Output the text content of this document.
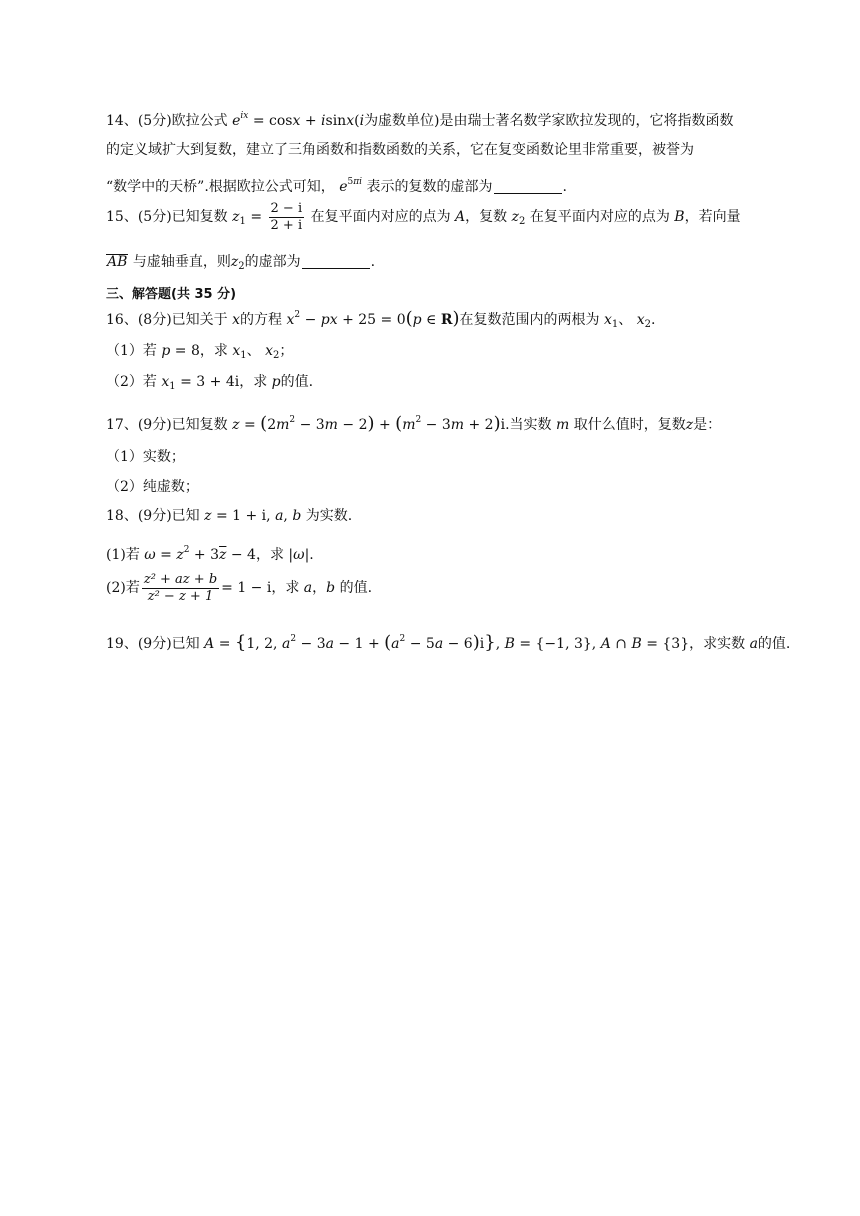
14、(5分)欧拉公式 $e^{ix} = \cos x + isinx(i$为虚数单位)是由瑞士著名数学家欧拉发现的，它将指数函数
的定义域扩大到复数，建立了三角函数和指数函数的关系，它在复变函数论里非常重要，被誉为
“数学中的天桥”.根据欧拉公式可知， $e^{5\pi i}$ 表示的复数的虚部为	.
15、(5分)已知复数 $z_1 = \frac{2 - i}{2 + i}$ 在复平面内对应的点为 A，复数 $z_2$ 在复平面内对应的点为 B，若向量
AB 与虚轴垂直，则$z_2$的虚部为	.
三、解答题(共 35 分)
16、(8分)已知关于 x的方程 $x^2$ − px + 25 = 0(p ∈ R)在复数范围内的两根为 $x_1$、 $x_2$.
（1）若 p = 8，求 $x_1$、 $x_2$；
（2）若 $x_1 = 3 + 4i$，求 p的值.
17、(9分)已知复数 $z = (2m^2 - 3m - 2) + (m^2 - 3m + 2)i$.当实数 m 取什么值时，复数z是：
（1）实数；
（2）纯虚数；
18、(9分)已知 z = 1 + i, a, b 为实数.
(1)若 $\omega = z^2 + 3\overline{z} - 4$，求 |ω|.
(2)若 $\frac{\text{z² + az + b}}{\text{z² − z + 1}} = 1 - i$，求 a，b 的值.
19、(9分)已知 A = {1, 2, $a^2 - 3a - 1 + (a^2 - 5a - 6)i$}, B = {−1, 3}, A ∩ B = {3}，求实数 a的值.
